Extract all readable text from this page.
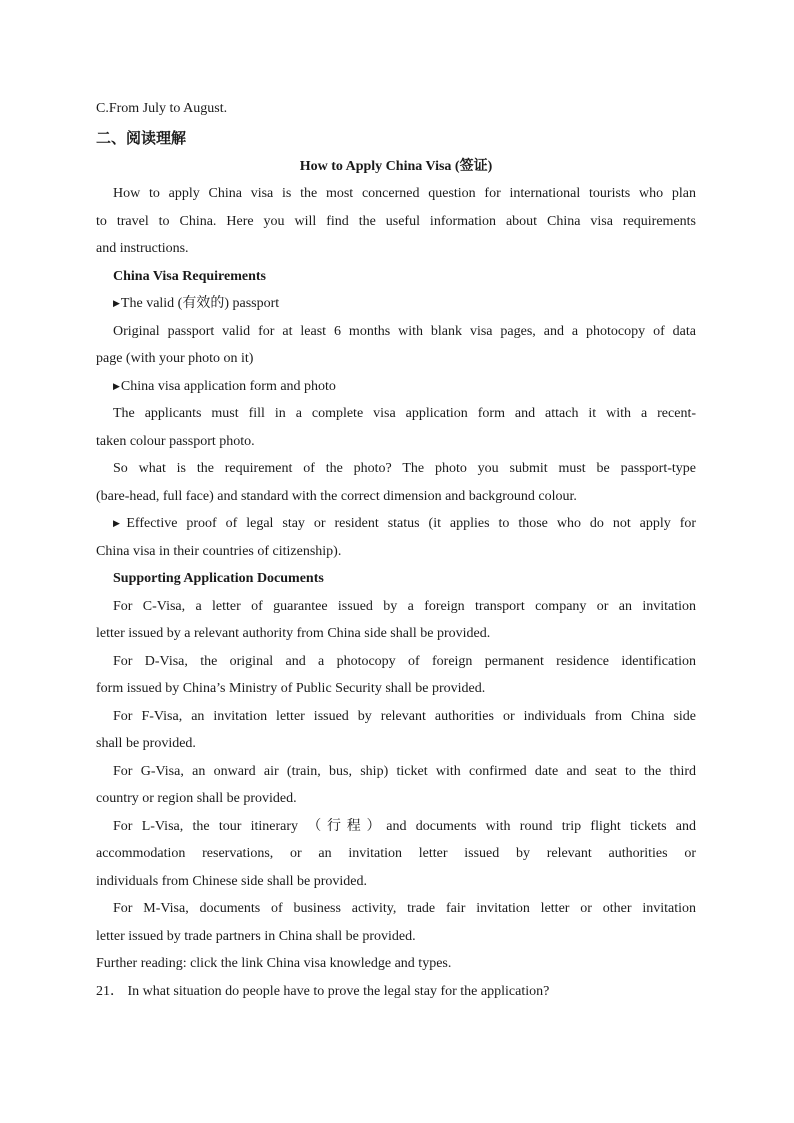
C.From July to August.

二、阅读理解

How to Apply China Visa (签证)

How to apply China visa is the most concerned question for international tourists who plan

to travel to China. Here you will find the useful information about China visa requirements

and instructions.

China Visa Requirements

▶The valid (有效的) passport

Original passport valid for at least 6 months with blank visa pages, and a photocopy of data

page (with your photo on it)

▶China visa application form and photo

The applicants must fill in a complete visa application form and attach it with a recent-

taken colour passport photo.

So what is the requirement of the photo? The photo you submit must be passport-type

(bare-head, full face) and standard with the correct dimension and background colour.

▶Effective proof of legal stay or resident status (it applies to those who do not apply for

China visa in their countries of citizenship).

Supporting Application Documents

For C-Visa, a letter of guarantee issued by a foreign transport company or an invitation

letter issued by a relevant authority from China side shall be provided.

For D-Visa, the original and a photocopy of foreign permanent residence identification

form issued by China’s Ministry of Public Security shall be provided.

For F-Visa, an invitation letter issued by relevant authorities or individuals from China side

shall be provided.

For G-Visa, an onward air (train, bus, ship) ticket with confirmed date and seat to the third

country or region shall be provided.

For L-Visa, the tour itinerary （行程）and documents with round trip flight tickets and

accommodation reservations, or an invitation letter issued by relevant authorities or

individuals from Chinese side shall be provided.

For M-Visa, documents of business activity, trade fair invitation letter or other invitation

letter issued by trade partners in China shall be provided.

Further reading: click the link China visa knowledge and types.

21． In what situation do people have to prove the legal stay for the application?
